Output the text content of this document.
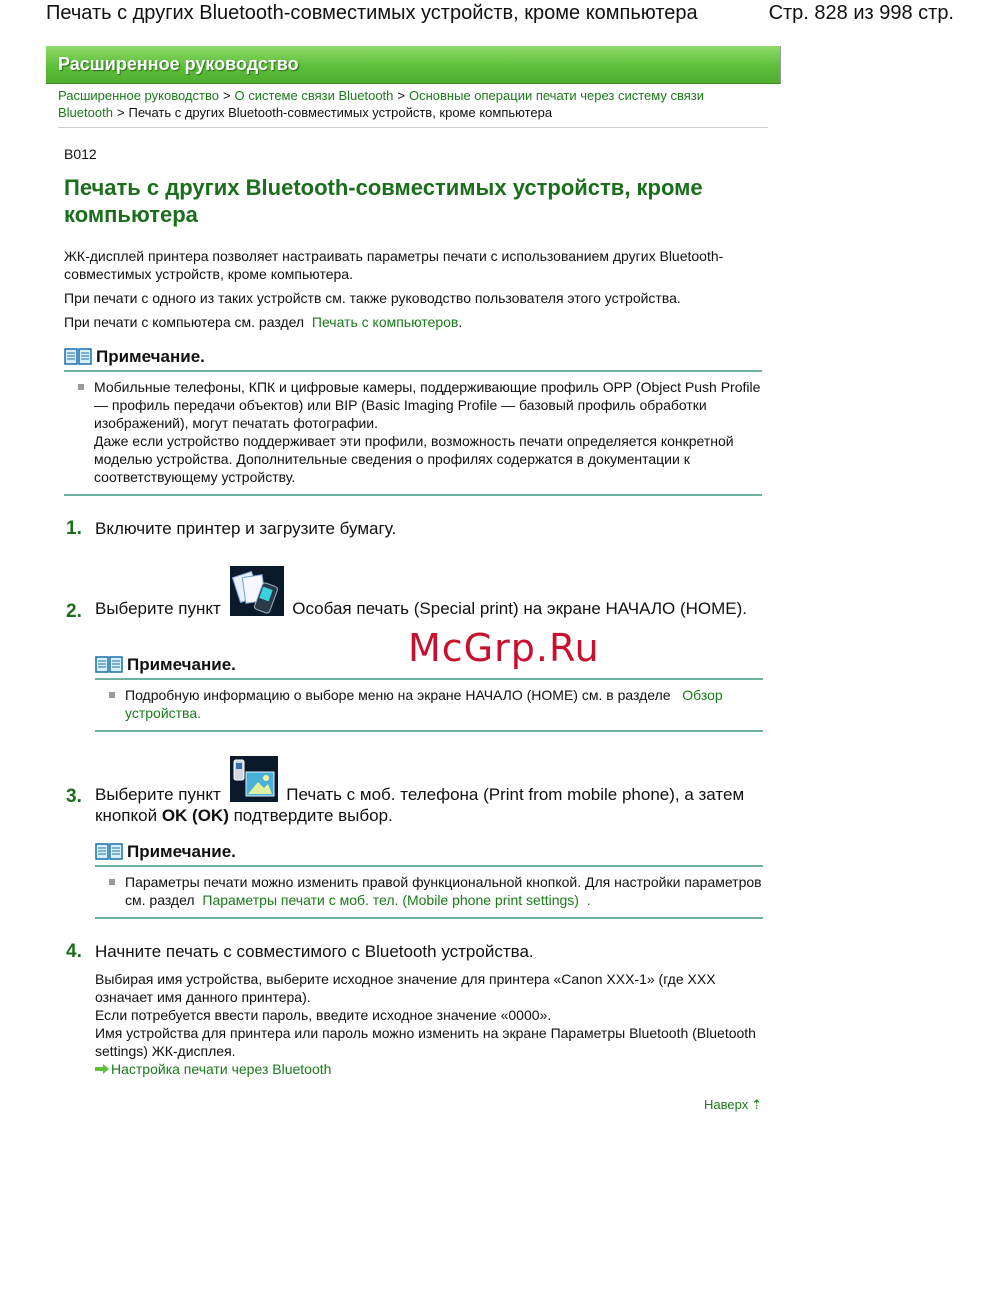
Печать с других Bluetooth-совместимых устройств, кроме компьютера	Стр. 828 из 998 стр.
Расширенное руководство
Расширенное руководство > О системе связи Bluetooth > Основные операции печати через систему связи Bluetooth > Печать с других Bluetooth-совместимых устройств, кроме компьютера
B012
Печать с других Bluetooth-совместимых устройств, кроме компьютера

ЖК-дисплей принтера позволяет настраивать параметры печати с использованием других Bluetooth-совместимых устройств, кроме компьютера.

При печати с одного из таких устройств см. также руководство пользователя этого устройства.

При печати с компьютера см. раздел Печать с компьютеров.

Примечание.

Мобильные телефоны, КПК и цифровые камеры, поддерживающие профиль OPP (Object Push Profile — профиль передачи объектов) или BIP (Basic Imaging Profile — базовый профиль обработки изображений), могут печатать фотографии.

Даже если устройство поддерживает эти профили, возможность печати определяется конкретной моделью устройства. Дополнительные сведения о профилях содержатся в документации к соответствующему устройству.

1. Включите принтер и загрузите бумагу.
2. Выберите пункт	Особая печать (Special print) на экране НАЧАЛО (HOME).
Примечание.

Подробную информацию о выборе меню на экране НАЧАЛО (HOME) см. в разделе Обзор устройства.

3. Выберите пункт	Печать с моб. телефона (Print from mobile phone), а затем кнопкой OK (OK) подтвердите выбор.
Примечание.

Параметры печати можно изменить правой функциональной кнопкой. Для настройки параметров см. раздел Параметры печати с моб. тел. (Mobile phone print settings) .

4. Начните печать с совместимого с Bluetooth устройства.

Выбирая имя устройства, выберите исходное значение для принтера «Canon XXX-1» (где XXX означает имя данного принтера).

Если потребуется ввести пароль, введите исходное значение «0000».

Имя устройства для принтера или пароль можно изменить на экране Параметры Bluetooth (Bluetooth settings) ЖК-дисплея.

Настройка печати через Bluetooth
McGrp.Ru
Наверх ⇡
